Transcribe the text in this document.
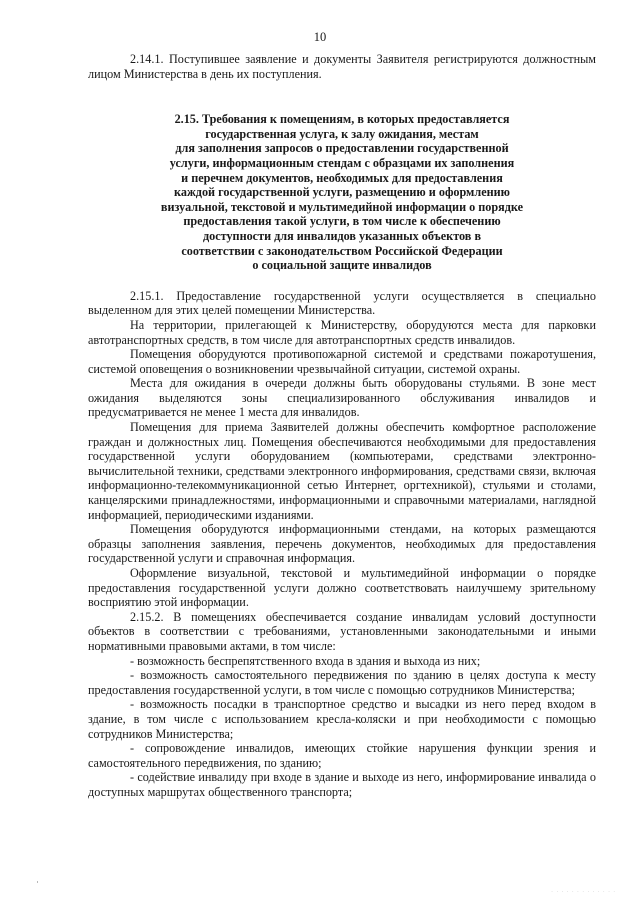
10

2.14.1. Поступившее заявление и документы Заявителя регистрируются должностным лицом Министерства в день их поступления.

2.15. Требования к помещениям, в которых предоставляется
государственная услуга, к залу ожидания, местам
для заполнения запросов о предоставлении государственной
услуги, информационным стендам с образцами их заполнения
и перечнем документов, необходимых для предоставления
каждой государственной услуги, размещению и оформлению
визуальной, текстовой и мультимедийной информации о порядке
предоставления такой услуги, в том числе к обеспечению
доступности для инвалидов указанных объектов в
соответствии с законодательством Российской Федерации
о социальной защите инвалидов

2.15.1. Предоставление государственной услуги осуществляется в специально выделенном для этих целей помещении Министерства.

На территории, прилегающей к Министерству, оборудуются места для парковки автотранспортных средств, в том числе для автотранспортных средств инвалидов.

Помещения оборудуются противопожарной системой и средствами пожаротушения, системой оповещения о возникновении чрезвычайной ситуации, системой охраны.

Места для ожидания в очереди должны быть оборудованы стульями. В зоне мест ожидания выделяются зоны специализированного обслуживания инвалидов и предусматривается не менее 1 места для инвалидов.

Помещения для приема Заявителей должны обеспечить комфортное расположение граждан и должностных лиц. Помещения обеспечиваются необходимыми для предоставления государственной услуги оборудованием (компьютерами, средствами электронно-вычислительной техники, средствами электронного информирования, средствами связи, включая информационно-телекоммуникационной сетью Интернет, оргтехникой), стульями и столами, канцелярскими принадлежностями, информационными и справочными материалами, наглядной информацией, периодическими изданиями.

Помещения оборудуются информационными стендами, на которых размещаются образцы заполнения заявления, перечень документов, необходимых для предоставления государственной услуги и справочная информация.

Оформление визуальной, текстовой и мультимедийной информации о порядке предоставления государственной услуги должно соответствовать наилучшему зрительному восприятию этой информации.

2.15.2. В помещениях обеспечивается создание инвалидам условий доступности объектов в соответствии с требованиями, установленными законодательными и иными нормативными правовыми актами, в том числе:

- возможность беспрепятственного входа в здания и выхода из них;

- возможность самостоятельного передвижения по зданию в целях доступа к месту предоставления государственной услуги, в том числе с помощью сотрудников Министерства;

- возможность посадки в транспортное средство и высадки из него перед входом в здание, в том числе с использованием кресла-коляски и при необходимости с помощью сотрудников Министерства;

- сопровождение инвалидов, имеющих стойкие нарушения функции зрения и самостоятельного передвижения, по зданию;

- содействие инвалиду при входе в здание и выходе из него, информирование инвалида о доступных маршрутах общественного транспорта;

· · · · · · · · · · · · ·
